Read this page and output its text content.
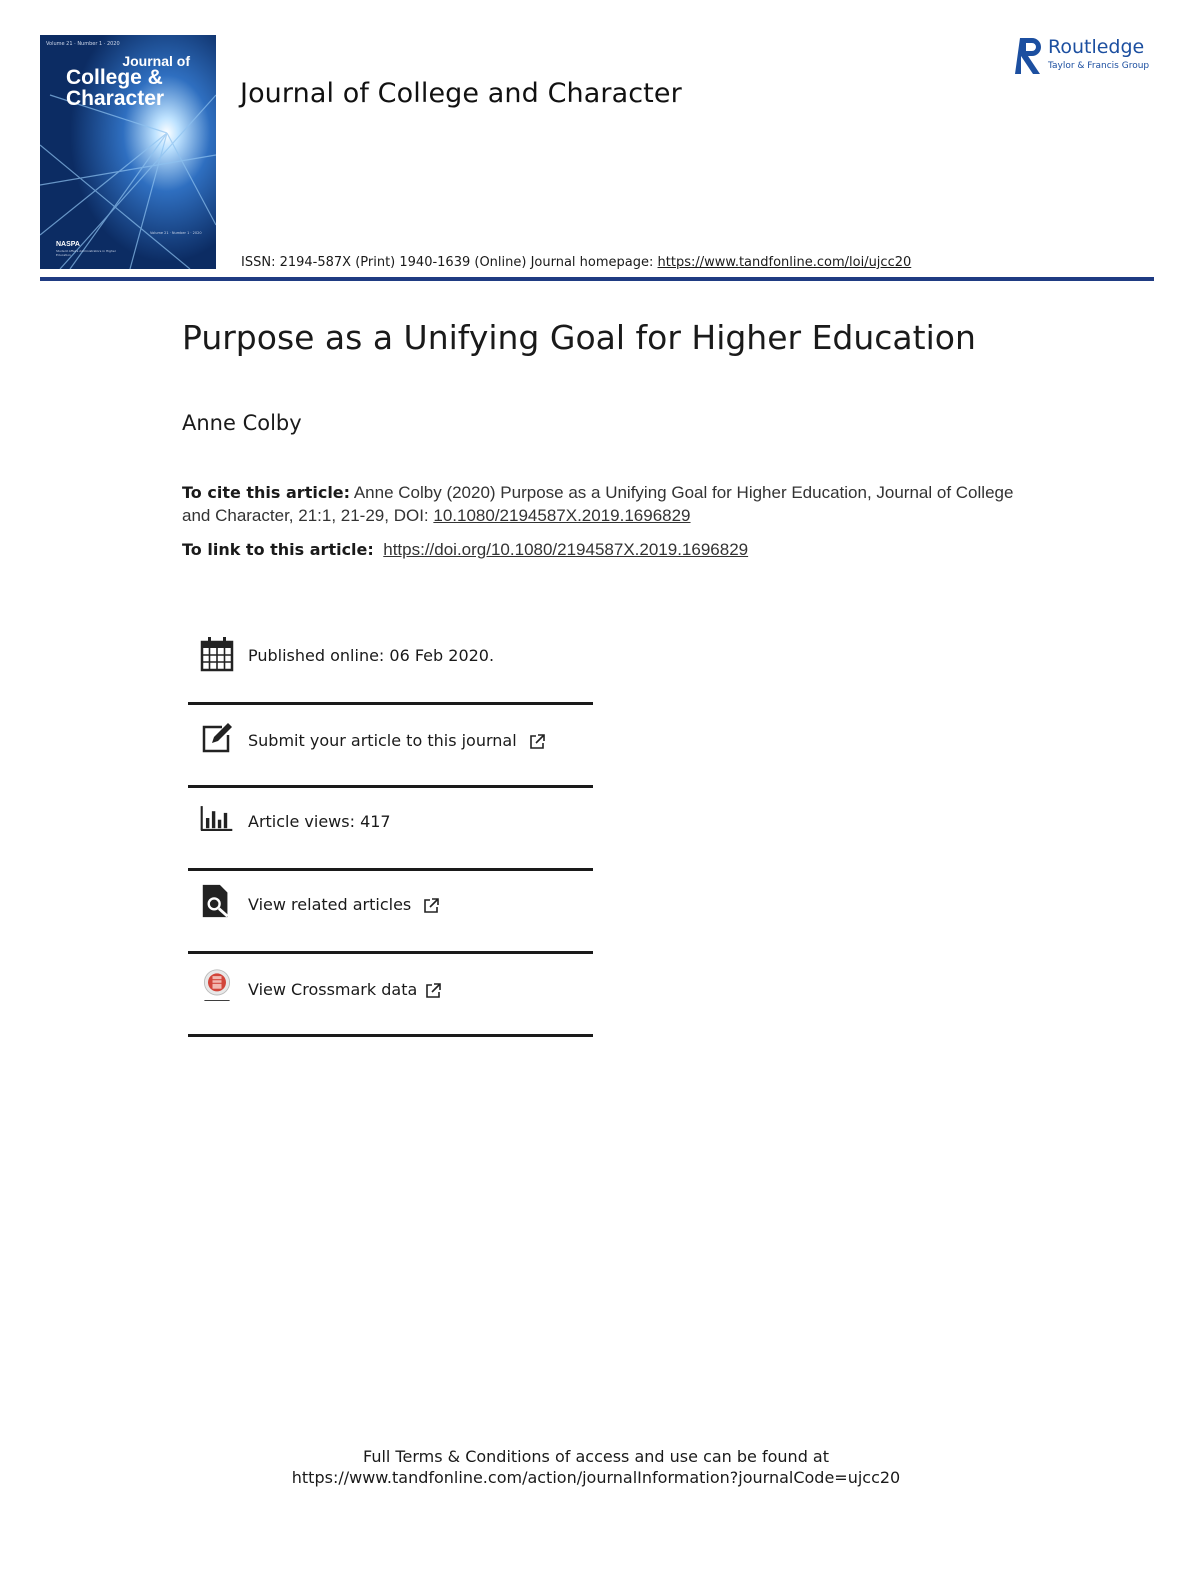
Volume 21 · Number 1 · 2020
Journal of
College &
Character
Volume 21 · Number 1 · 2020
NASPA
Student Affairs Administrators in Higher Education
Journal of College and Character
ISSN: 2194-587X (Print) 1940-1639 (Online) Journal homepage: https://www.tandfonline.com/loi/ujcc20
Routledge
Taylor & Francis Group
Purpose as a Unifying Goal for Higher Education
Anne Colby
To cite this article: Anne Colby (2020) Purpose as a Unifying Goal for Higher Education, Journal of College and Character, 21:1, 21-29, DOI: 10.1080/2194587X.2019.1696829
To link to this article: https://doi.org/10.1080/2194587X.2019.1696829
Published online: 06 Feb 2020.
Submit your article to this journal
Article views: 417
View related articles
View Crossmark data
Full Terms & Conditions of access and use can be found at
https://www.tandfonline.com/action/journalInformation?journalCode=ujcc20
